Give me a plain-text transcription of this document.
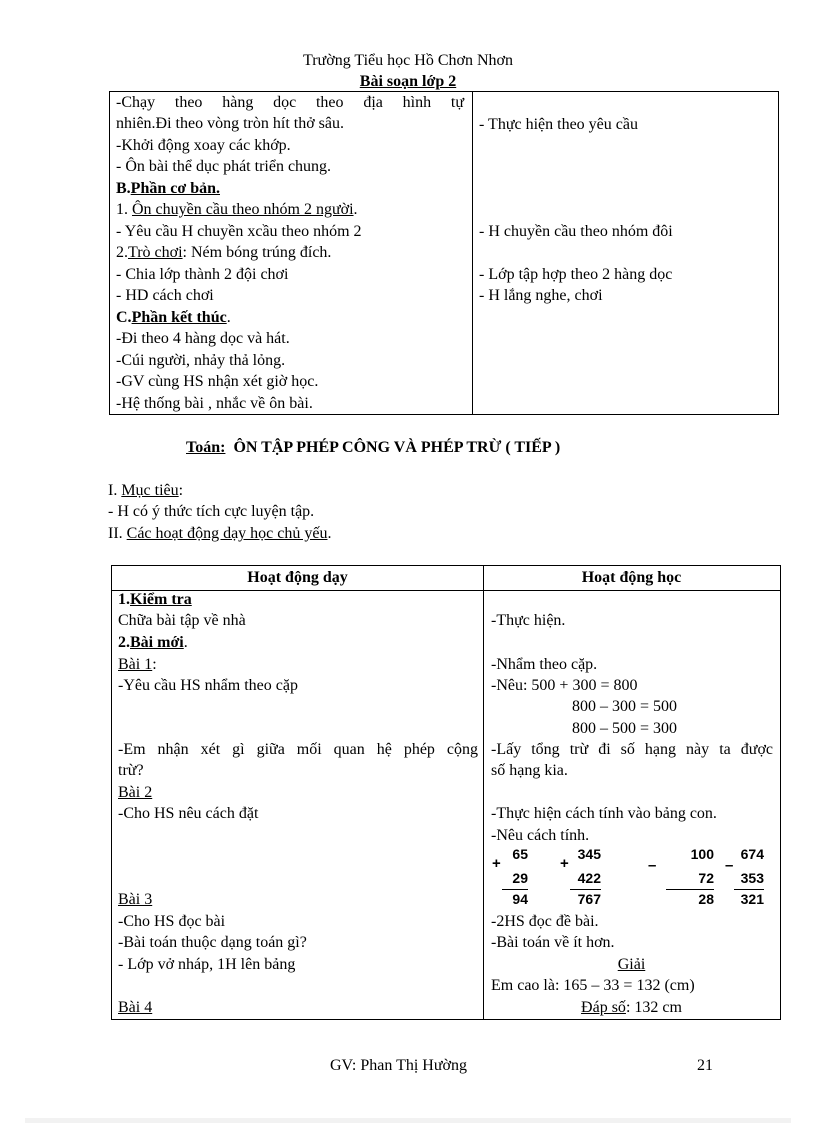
Trường Tiểu học Hồ Chơn Nhơn
Bài soạn lớp 2
-Chạy theo hàng dọc theo địa hình tự
nhiên.Đi theo vòng tròn hít thở sâu.
-Khởi động xoay các khớp.
- Ôn bài thể dục phát triển chung.
B.Phần cơ bản.
1. Ôn chuyền cầu theo nhóm 2 người.
- Yêu cầu H chuyền xcầu theo nhóm 2
2.Trò chơi: Ném bóng trúng đích.
- Chia lớp thành 2 đội chơi
- HD cách chơi
C.Phần kết thúc.
-Đi theo 4 hàng dọc và hát.
-Cúi người, nhảy thả lỏng.
-GV cùng HS nhận xét giờ học.
-Hệ thống bài , nhắc về ôn bài.
- Thực hiện theo yêu cầu
- H chuyền cầu theo nhóm đôi
- Lớp tập hợp theo 2 hàng dọc
- H lắng nghe, chơi
Toán: ÔN TẬP PHÉP CÔNG VÀ PHÉP TRỪ ( TIẾP )
I. Mục tiêu:
- H có ý thức tích cực luyện tập.
II. Các hoạt động dạy học chủ yếu.
Hoạt động dạy	Hoạt động học
1.Kiểm tra
Chữa bài tập về nhà
2.Bài mới.
Bài 1:
-Yêu cầu HS nhẩm theo cặp
-Em nhận xét gì giữa mối quan hệ phép cộng
trừ?
Bài 2
-Cho HS nêu cách đặt
Bài 3
-Cho HS đọc bài
-Bài toán thuộc dạng toán gì?
- Lớp vở nháp, 1H lên bảng
Bài 4
-Thực hiện.
-Nhẩm theo cặp.
-Nêu: 500 + 300 = 800
800 – 300 = 500
800 – 500 = 300
-Lấy tổng trừ đi số hạng này ta được
số hạng kia.
-Thực hiện cách tính vào bảng con.
-Nêu cách tính.
-2HS đọc đề bài.
-Bài toán về ít hơn.
Giải
Em cao là: 165 – 33 = 132 (cm)
Đáp số: 132 cm
+
65
29
94
+
345
422
767
–
100
72
28
–
674
353
321
GV: Phan Thị Hường	21
